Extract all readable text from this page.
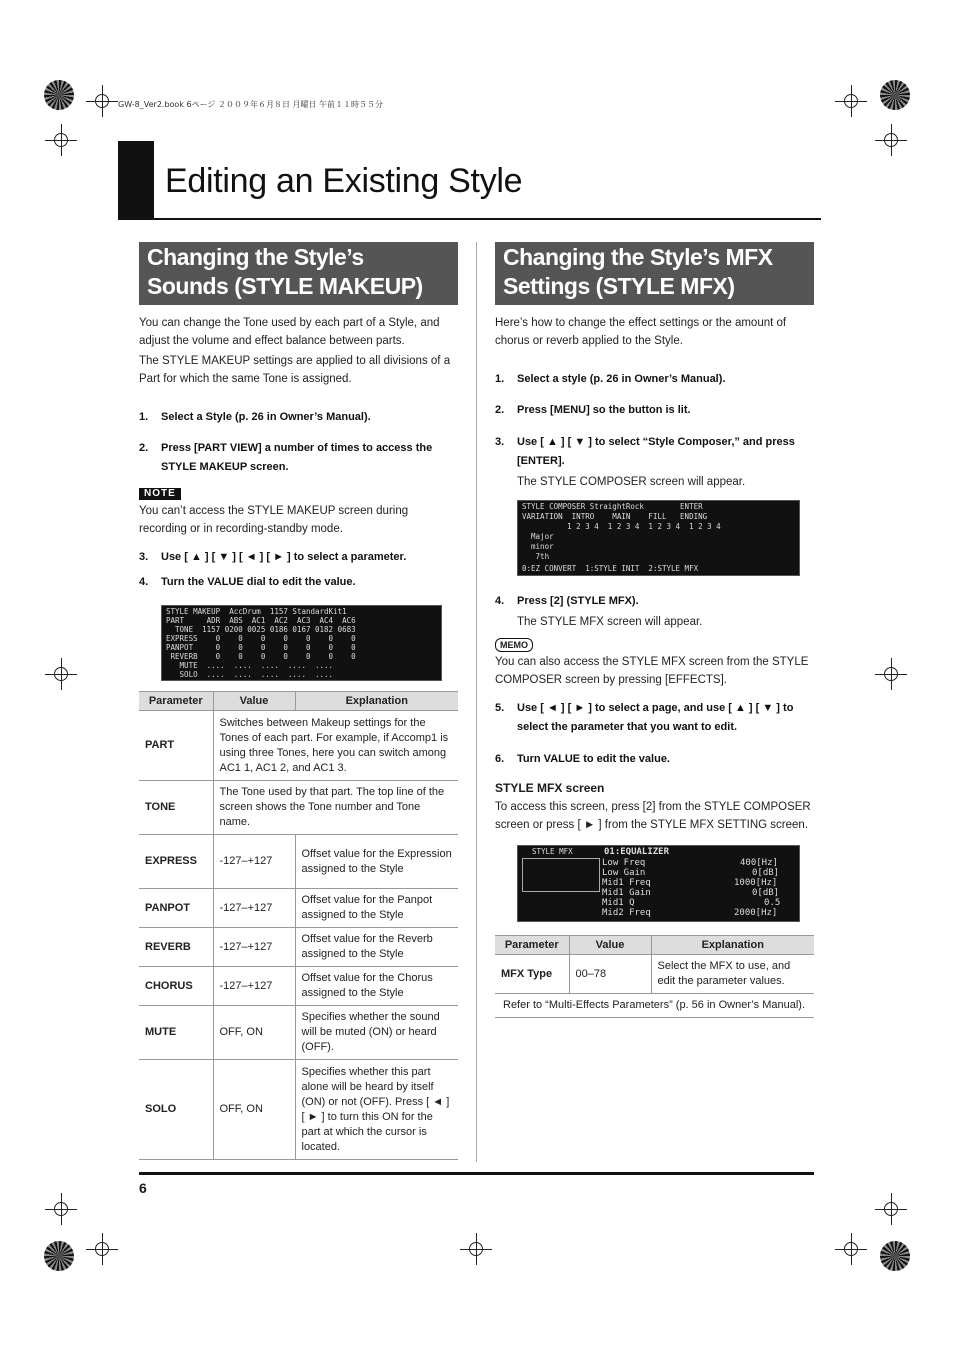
GW-8_Ver2.book 6ページ ２００９年６月８日 月曜日 午前１１時５５分
Editing an Existing Style
Changing the Style’s Sounds (STYLE MAKEUP)

You can change the Tone used by each part of a Style, and adjust the volume and effect balance between parts.

The STYLE MAKEUP settings are applied to all divisions of a Part for which the same Tone is assigned.

1. Select a Style (p. 26 in Owner’s Manual).
2.	Press [PART VIEW] a number of times to access the STYLE MAKEUP screen.
NOTE

You can’t access the STYLE MAKEUP screen during recording or in recording-standby mode.

3. Use [ ▲ ] [ ▼ ] [ ◄ ] [ ► ] to select a parameter.
4. Turn the VALUE dial to edit the value.
STYLE MAKEUP  AccDrum  1157 StandardKit1
PART     ADR  ABS  AC1  AC2  AC3  AC4  AC6
TONE  1157 0200 0025 0186 0167 0182 0683
EXPRESS    0    0    0    0    0    0    0
PANPOT     0    0    0    0    0    0    0
REVERB    0    0    0    0    0    0    0
MUTE  ....  ....  ....  ....  ....
SOLO  ....  ....  ....  ....  ....
Parameter	Value	Explanation
PART	Switches between Makeup settings for the Tones of each part. For example, if Accomp1 is using three Tones, here you can switch among AC1 1, AC1 2, and AC1 3.	
TONE	The Tone used by that part. The top line of the screen shows the Tone number and Tone name.	
EXPRESS	-127–+127	Offset value for the Expression assigned to the Style
PANPOT	-127–+127	Offset value for the Panpot assigned to the Style
REVERB	-127–+127	Offset value for the Reverb assigned to the Style
CHORUS	-127–+127	Offset value for the Chorus assigned to the Style
MUTE	OFF, ON	Specifies whether the sound will be muted (ON) or heard (OFF).
SOLO	OFF, ON	Specifies whether this part alone will be heard by itself (ON) or not (OFF). Press [ ◄ ] [ ► ] to turn this ON for the part at which the cursor is located.
Changing the Style’s MFX Settings (STYLE MFX)

Here’s how to change the effect settings or the amount of chorus or reverb applied to the Style.

1. Select a style (p. 26 in Owner’s Manual).
2. Press [MENU] so the button is lit.
3.	Use [ ▲ ] [ ▼ ] to select “Style Composer,” and press [ENTER].

The STYLE COMPOSER screen will appear.

STYLE COMPOSER StraightRock        ENTER
VARIATION  INTRO    MAIN    FILL   ENDING
1 2 3 4  1 2 3 4  1 2 3 4  1 2 3 4
Major
minor
7th
0:EZ CONVERT  1:STYLE INIT  2:STYLE MFX
4. Press [2] (STYLE MFX).

The STYLE MFX screen will appear.

MEMO

You can also access the STYLE MFX screen from the STYLE COMPOSER screen by pressing [EFFECTS].

5.	Use [ ◄ ] [ ► ] to select a page, and use [ ▲ ] [ ▼ ] to select the parameter that you want to edit.
6. Turn VALUE to edit the value.
STYLE MFX screen

To access this screen, press [2] from the STYLE COMPOSER screen or press [ ► ] from the STYLE MFX SETTING screen.

STYLE MFX	01:EQUALIZER
Low Freq	400[Hz]
Low Gain	0[dB]
Mid1 Freq	1000[Hz]
Mid1 Gain	0[dB]
Mid1 Q	0.5
Mid2 Freq	2000[Hz]
Parameter	Value	Explanation
MFX Type	00–78	Select the MFX to use, and edit the parameter values.
Refer to “Multi-Effects Parameters” (p. 56 in Owner’s Manual).		
6
